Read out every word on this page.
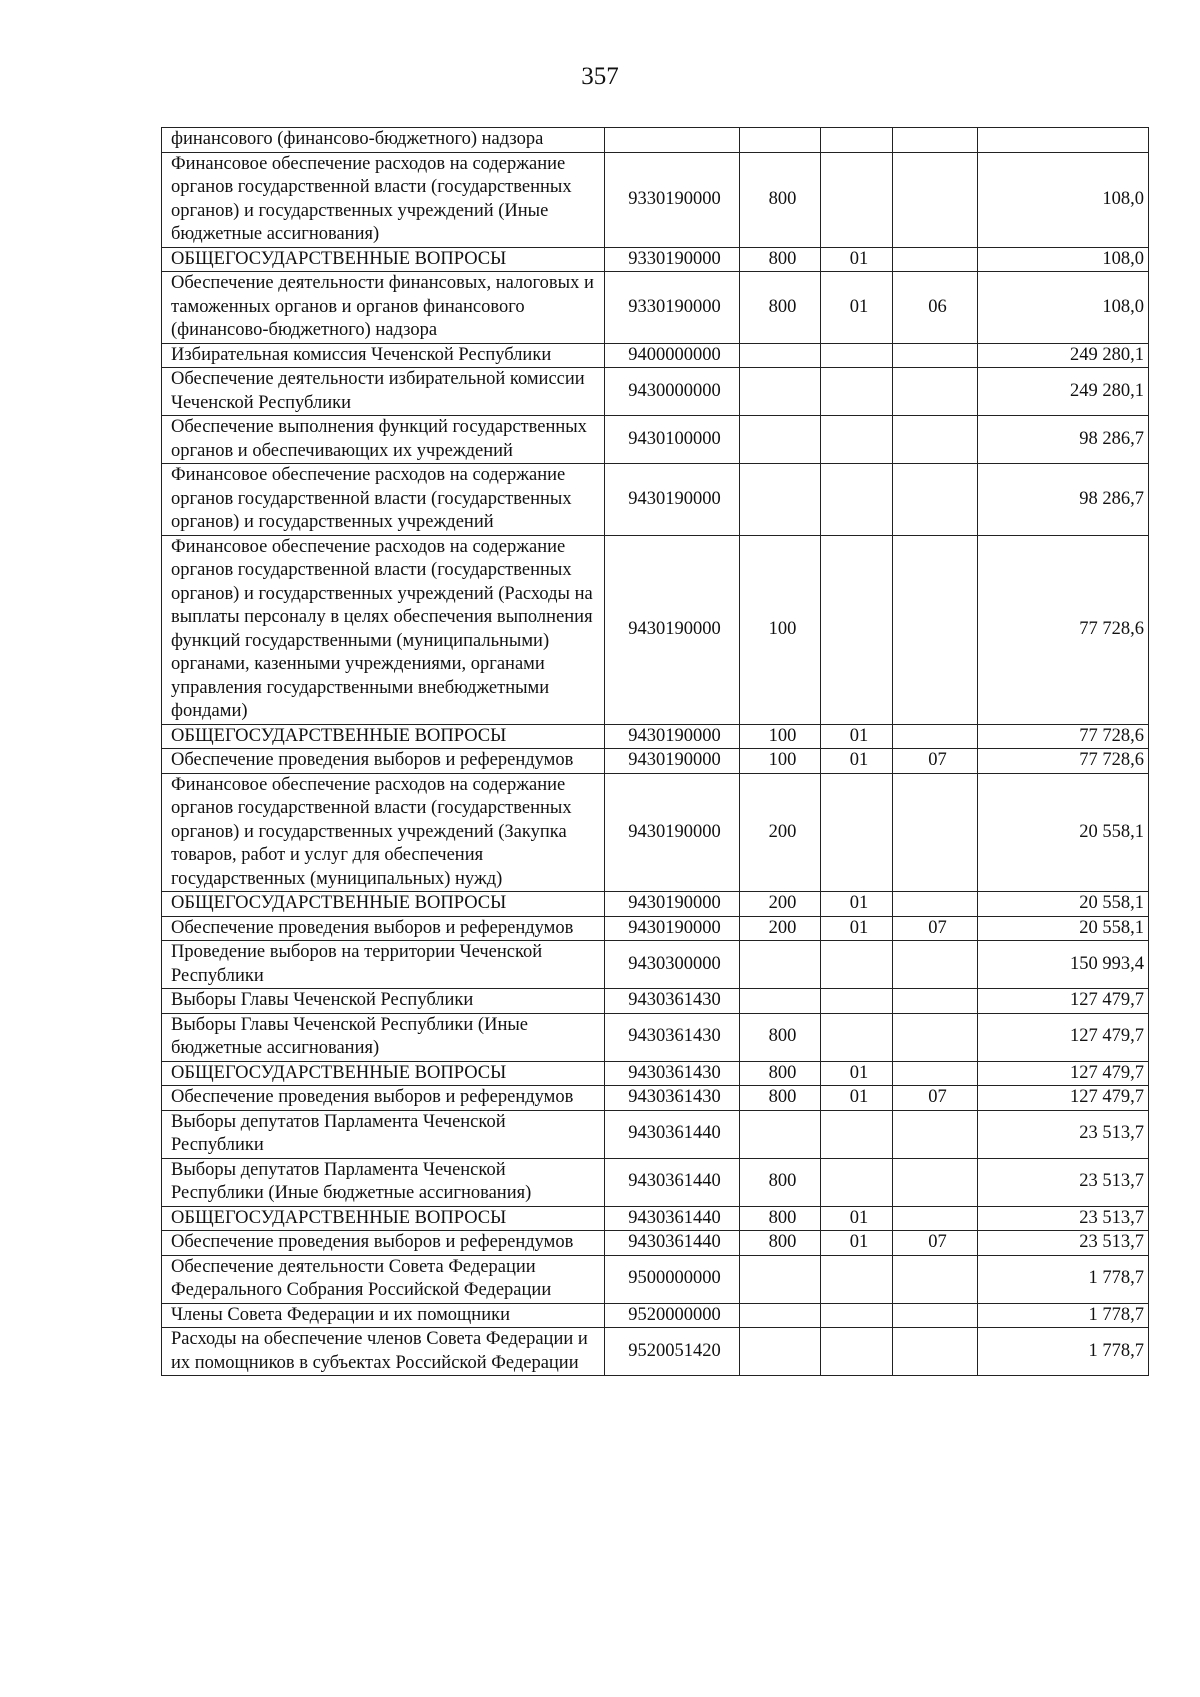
357
финансового (финансово-бюджетного) надзора					
Финансовое обеспечение расходов на содержание органов государственной власти (государственных органов) и государственных учреждений (Иные бюджетные ассигнования)	9330190000	800			108,0
ОБЩЕГОСУДАРСТВЕННЫЕ ВОПРОСЫ	9330190000	800	01		108,0
Обеспечение деятельности финансовых, налоговых и таможенных органов и органов финансового (финансово-бюджетного) надзора	9330190000	800	01	06	108,0
Избирательная комиссия Чеченской Республики	9400000000				249 280,1
Обеспечение деятельности избирательной комиссии Чеченской Республики	9430000000				249 280,1
Обеспечение выполнения функций государственных органов и обеспечивающих их учреждений	9430100000				98 286,7
Финансовое обеспечение расходов на содержание органов государственной власти (государственных органов) и государственных учреждений	9430190000				98 286,7
Финансовое обеспечение расходов на содержание органов государственной власти (государственных органов) и государственных учреждений (Расходы на выплаты персоналу в целях обеспечения выполнения функций государственными (муниципальными) органами, казенными учреждениями, органами управления государственными внебюджетными фондами)	9430190000	100			77 728,6
ОБЩЕГОСУДАРСТВЕННЫЕ ВОПРОСЫ	9430190000	100	01		77 728,6
Обеспечение проведения выборов и референдумов	9430190000	100	01	07	77 728,6
Финансовое обеспечение расходов на содержание органов государственной власти (государственных органов) и государственных учреждений (Закупка товаров, работ и услуг для обеспечения государственных (муниципальных) нужд)	9430190000	200			20 558,1
ОБЩЕГОСУДАРСТВЕННЫЕ ВОПРОСЫ	9430190000	200	01		20 558,1
Обеспечение проведения выборов и референдумов	9430190000	200	01	07	20 558,1
Проведение выборов на территории Чеченской Республики	9430300000				150 993,4
Выборы Главы Чеченской Республики	9430361430				127 479,7
Выборы Главы Чеченской Республики (Иные бюджетные ассигнования)	9430361430	800			127 479,7
ОБЩЕГОСУДАРСТВЕННЫЕ ВОПРОСЫ	9430361430	800	01		127 479,7
Обеспечение проведения выборов и референдумов	9430361430	800	01	07	127 479,7
Выборы депутатов Парламента Чеченской Республики	9430361440				23 513,7
Выборы депутатов Парламента Чеченской Республики (Иные бюджетные ассигнования)	9430361440	800			23 513,7
ОБЩЕГОСУДАРСТВЕННЫЕ ВОПРОСЫ	9430361440	800	01		23 513,7
Обеспечение проведения выборов и референдумов	9430361440	800	01	07	23 513,7
Обеспечение деятельности Совета Федерации Федерального Собрания Российской Федерации	9500000000				1 778,7
Члены Совета Федерации и их помощники	9520000000				1 778,7
Расходы на обеспечение членов Совета Федерации и их помощников в субъектах Российской Федерации	9520051420				1 778,7
